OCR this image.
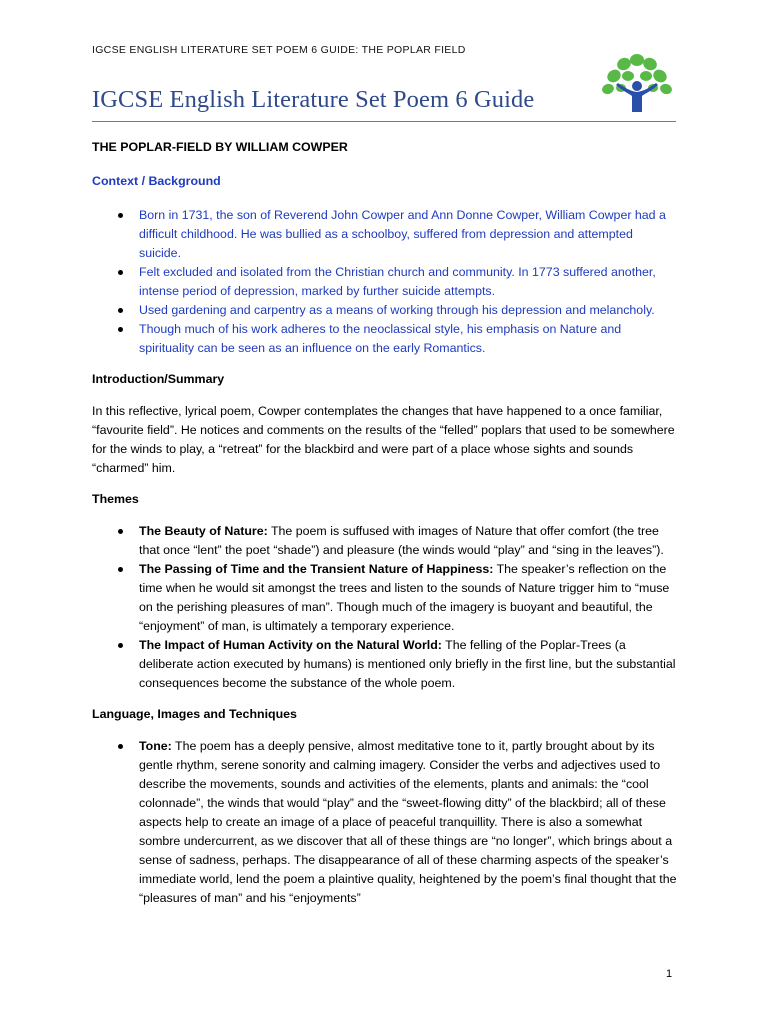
IGCSE ENGLISH LITERATURE SET POEM 6 GUIDE: THE POPLAR FIELD
IGCSE English Literature Set Poem 6 Guide
THE POPLAR-FIELD BY WILLIAM COWPER
Context / Background
Born in 1731, the son of Reverend John Cowper and Ann Donne Cowper, William Cowper had a difficult childhood. He was bullied as a schoolboy, suffered from depression and attempted suicide.
Felt excluded and isolated from the Christian church and community. In 1773 suffered another, intense period of depression, marked by further suicide attempts.
Used gardening and carpentry as a means of working through his depression and melancholy.
Though much of his work adheres to the neoclassical style, his emphasis on Nature and spirituality can be seen as an influence on the early Romantics.
Introduction/Summary

In this reflective, lyrical poem, Cowper contemplates the changes that have happened to a once familiar, “favourite field”. He notices and comments on the results of the “felled” poplars that used to be somewhere for the winds to play, a “retreat” for the blackbird and were part of a place whose sights and sounds “charmed” him.

Themes
The Beauty of Nature: The poem is suffused with images of Nature that offer comfort (the tree that once “lent” the poet “shade”) and pleasure (the winds would “play” and “sing in the leaves”).
The Passing of Time and the Transient Nature of Happiness: The speaker’s reflection on the time when he would sit amongst the trees and listen to the sounds of Nature trigger him to “muse on the perishing pleasures of man”. Though much of the imagery is buoyant and beautiful, the “enjoyment” of man, is ultimately a temporary experience.
The Impact of Human Activity on the Natural World: The felling of the Poplar-Trees (a deliberate action executed by humans) is mentioned only briefly in the first line, but the substantial consequences become the substance of the whole poem.
Language, Images and Techniques
Tone: The poem has a deeply pensive, almost meditative tone to it, partly brought about by its gentle rhythm, serene sonority and calming imagery. Consider the verbs and adjectives used to describe the movements, sounds and activities of the elements, plants and animals: the “cool colonnade”, the winds that would “play” and the “sweet-flowing ditty” of the blackbird; all of these aspects help to create an image of a place of peaceful tranquillity. There is also a somewhat sombre undercurrent, as we discover that all of these things are “no longer”, which brings about a sense of sadness, perhaps. The disappearance of all of these charming aspects of the speaker’s immediate world, lend the poem a plaintive quality, heightened by the poem’s final thought that the “pleasures of man” and his “enjoyments”
1
